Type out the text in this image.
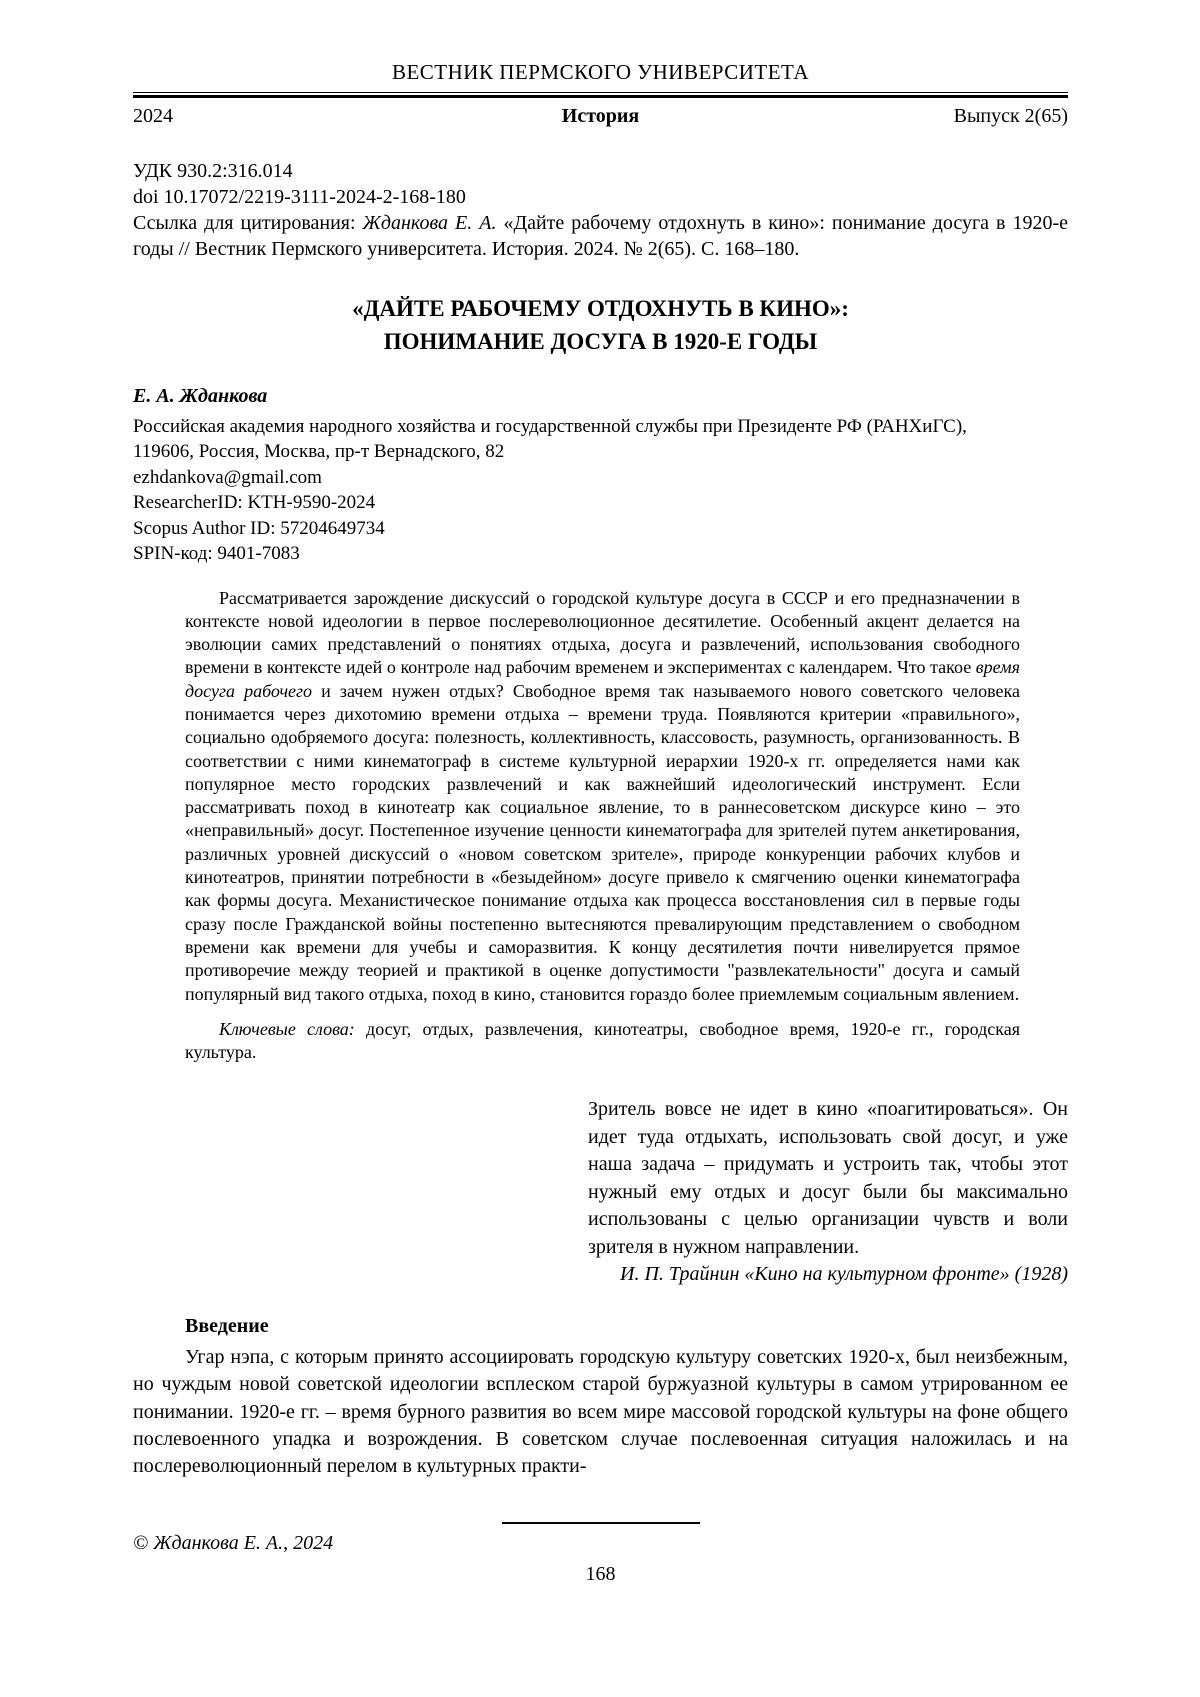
ВЕСТНИК ПЕРМСКОГО УНИВЕРСИТЕТА
2024	История	Выпуск 2(65)

УДК 930.2:316.014

doi 10.17072/2219-3111-2024-2-168-180

Ссылка для цитирования: Жданкова Е. А. «Дайте рабочему отдохнуть в кино»: понимание досуга в 1920-е годы // Вестник Пермского университета. История. 2024. № 2(65). С. 168–180.

«ДАЙТЕ РАБОЧЕМУ ОТДОХНУТЬ В КИНО»:
ПОНИМАНИЕ ДОСУГА В 1920-Е ГОДЫ
Е. А. Жданкова
Российская академия народного хозяйства и государственной службы при Президенте РФ (РАНХиГС),
119606, Россия, Москва, пр-т Вернадского, 82
ezhdankova@gmail.com
ResearcherID: KTH-9590-2024
Scopus Author ID: 57204649734
SPIN-код: 9401-7083

Рассматривается зарождение дискуссий о городской культуре досуга в СССР и его предназначении в контексте новой идеологии в первое послереволюционное десятилетие. Особенный акцент делается на эволюции самих представлений о понятиях отдыха, досуга и развлечений, использования свободного времени в контексте идей о контроле над рабочим временем и экспериментах с календарем. Что такое время досуга рабочего и зачем нужен отдых? Свободное время так называемого нового советского человека понимается через дихотомию времени отдыха – времени труда. Появляются критерии «правильного», социально одобряемого досуга: полезность, коллективность, классовость, разумность, организованность. В соответствии с ними кинематограф в системе культурной иерархии 1920-х гг. определяется нами как популярное место городских развлечений и как важнейший идеологический инструмент. Если рассматривать поход в кинотеатр как социальное явление, то в раннесоветском дискурсе кино – это «неправильный» досуг. Постепенное изучение ценности кинематографа для зрителей путем анкетирования, различных уровней дискуссий о «новом советском зрителе», природе конкуренции рабочих клубов и кинотеатров, принятии потребности в «безыдейном» досуге привело к смягчению оценки кинематографа как формы досуга. Механистическое понимание отдыха как процесса восстановления сил в первые годы сразу после Гражданской войны постепенно вытесняются превалирующим представлением о свободном времени как времени для учебы и саморазвития. К концу десятилетия почти нивелируется прямое противоречие между теорией и практикой в оценке допустимости "развлекательности" досуга и самый популярный вид такого отдыха, поход в кино, становится гораздо более приемлемым социальным явлением.

Ключевые слова: досуг, отдых, развлечения, кинотеатры, свободное время, 1920-е гг., городская культура.

Зритель вовсе не идет в кино «поагитироваться». Он идет туда отдыхать, использовать свой досуг, и уже наша задача – придумать и устроить так, чтобы этот нужный ему отдых и досуг были бы максимально использованы с целью организации чувств и воли зрителя в нужном направлении.

И. П. Трайнин «Кино на культурном фронте» (1928)

Введение

Угар нэпа, с которым принято ассоциировать городскую культуру советских 1920-х, был неизбежным, но чуждым новой советской идеологии всплеском старой буржуазной культуры в самом утрированном ее понимании. 1920-е гг. – время бурного развития во всем мире массовой городской культуры на фоне общего послевоенного упадка и возрождения. В советском случае послевоенная ситуация наложилась и на послереволюционный перелом в культурных практи-

© Жданкова Е. А., 2024
168
